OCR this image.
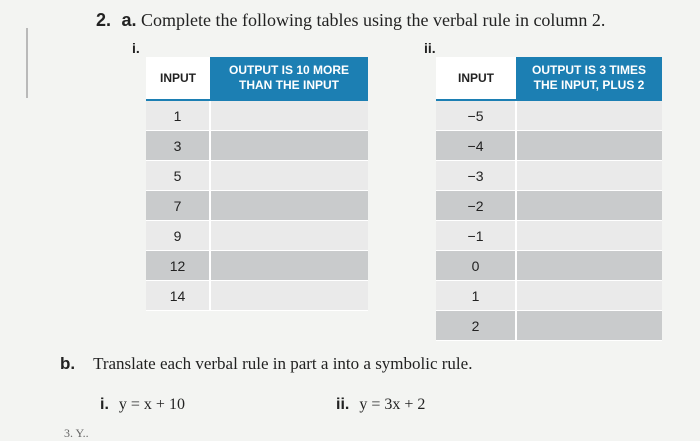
2. a. Complete the following tables using the verbal rule in column 2.
i.
INPUT	OUTPUT IS 10 MORE THAN THE INPUT
1	
3	
5	
7	
9	
12	
14	
ii.
INPUT	OUTPUT IS 3 TIMES THE INPUT, PLUS 2
−5	
−4	
−3	
−2	
−1	
0	
1	
2	
b. Translate each verbal rule in part a into a symbolic rule.
i. y = x + 10	ii. y = 3x + 2
3. Y..
